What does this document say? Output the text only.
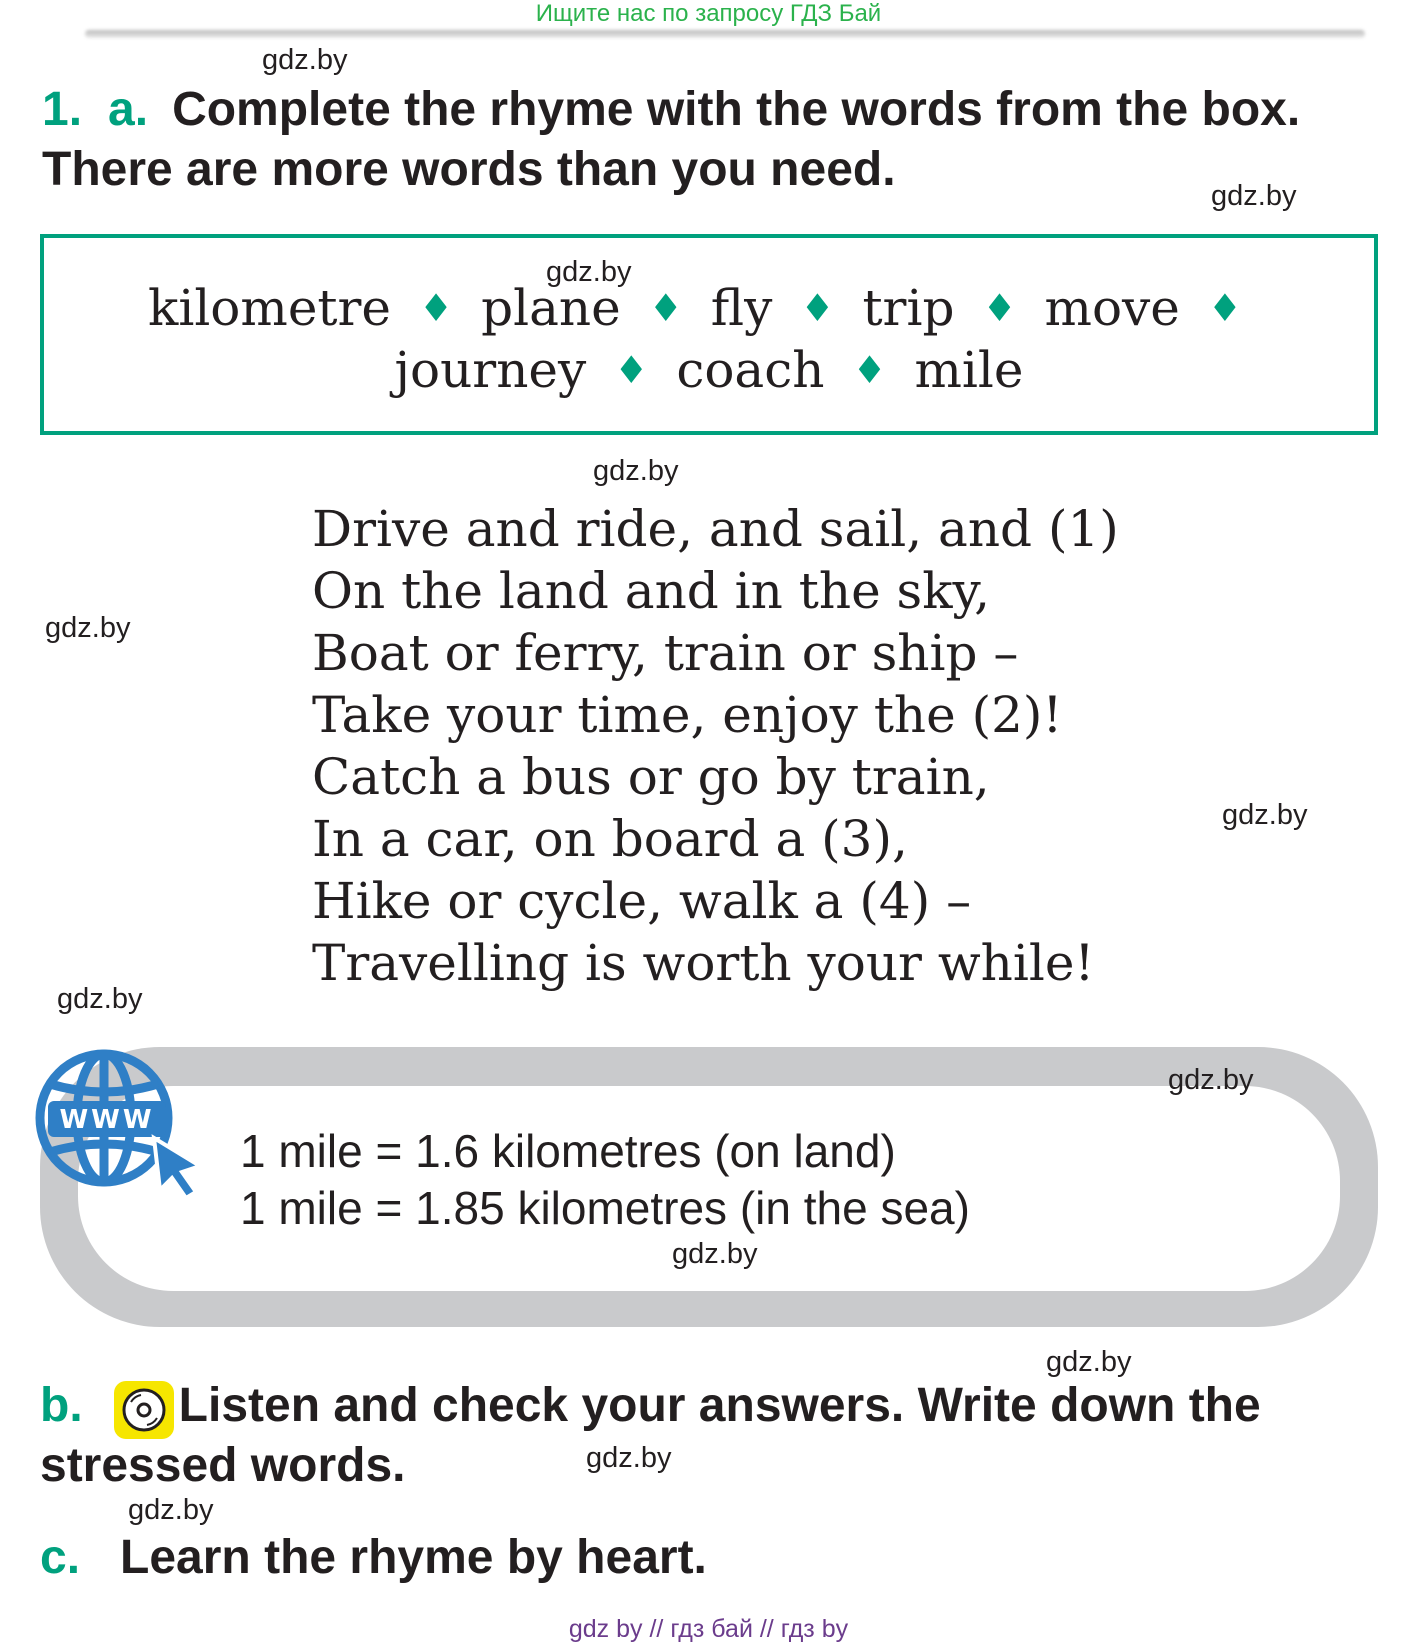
Ищите нас по запросу ГДЗ Бай
gdz.by
1. a. Complete the rhyme with the words from the box. There are more words than you need.	gdz.by
gdz.by
kilometre ♦ plane ♦ fly ♦ trip ♦ move ♦
journey ♦ coach ♦ mile
gdz.by
Drive and ride, and sail, and (1)
On the land and in the sky,
Boat or ferry, train or ship –
Take your time, enjoy the (2)!
Catch a bus or go by train,
In a car, on board a (3),
Hike or cycle, walk a (4) –
Travelling is worth your while!
gdz.by
gdz.by
gdz.by
WWW
gdz.by
1 mile = 1.6 kilometres (on land)
1 mile = 1.85 kilometres (in the sea)
gdz.by
gdz.by
b. Listen and check your answers. Write down the stressed words.	gdz.by
gdz.by
c. Learn the rhyme by heart.
gdz by // гдз бай // гдз by
